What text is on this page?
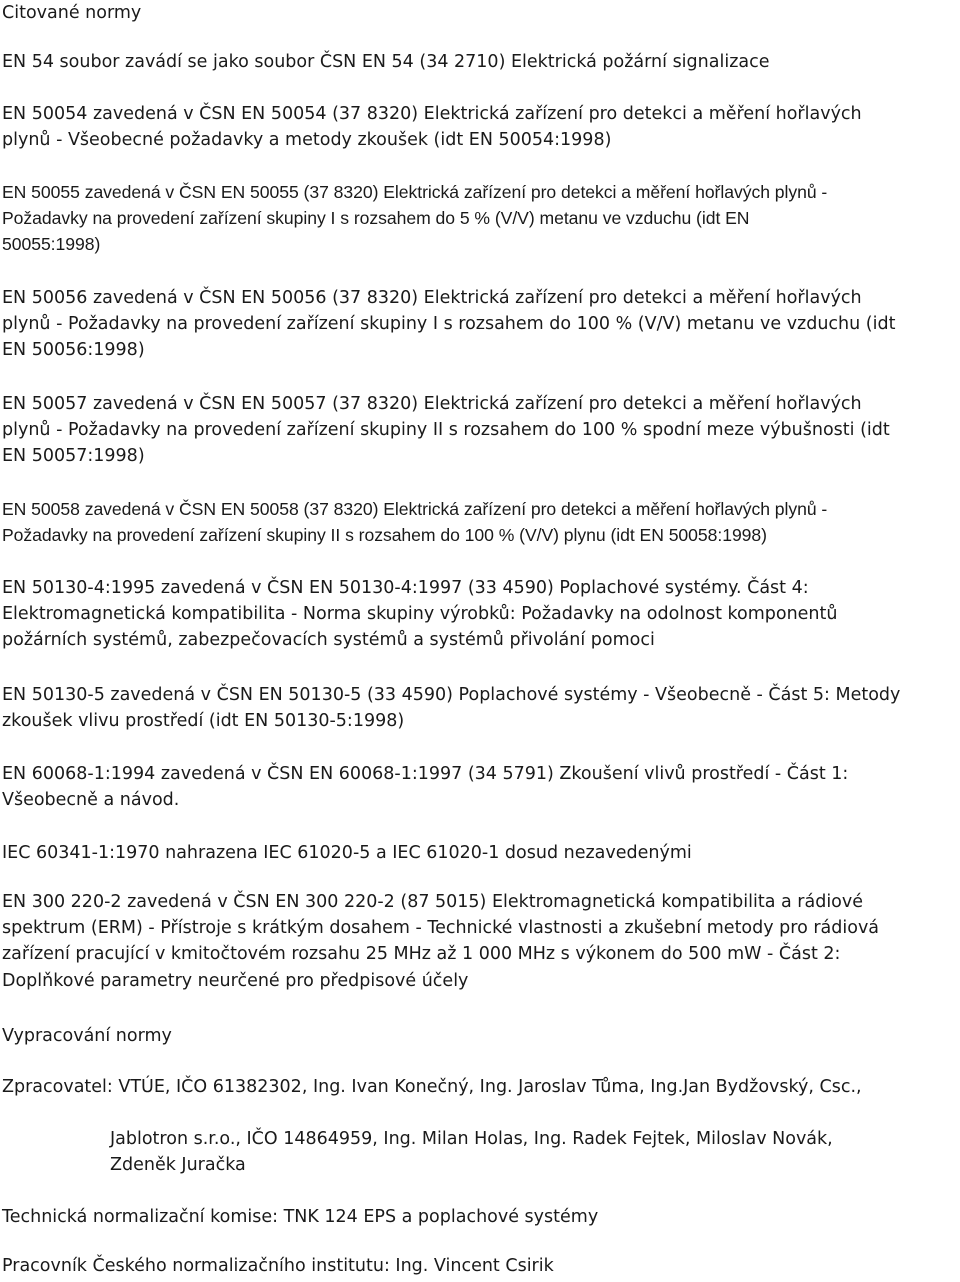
Citované normy

EN 54 soubor zavádí se jako soubor ČSN EN 54 (34 2710) Elektrická požární signalizace

EN 50054 zavedená v ČSN EN 50054 (37 8320) Elektrická zařízení pro detekci a měření hořlavých
plynů - Všeobecné požadavky a metody zkoušek (idt EN 50054:1998)

EN 50055 zavedená v ČSN EN 50055 (37 8320) Elektrická zařízení pro detekci a měření hořlavých plynů -
Požadavky na provedení zařízení skupiny I s rozsahem do 5 % (V/V) metanu ve vzduchu (idt EN
50055:1998)

EN 50056 zavedená v ČSN EN 50056 (37 8320) Elektrická zařízení pro detekci a měření hořlavých
plynů - Požadavky na provedení zařízení skupiny I s rozsahem do 100 % (V/V) metanu ve vzduchu (idt
EN 50056:1998)

EN 50057 zavedená v ČSN EN 50057 (37 8320) Elektrická zařízení pro detekci a měření hořlavých
plynů - Požadavky na provedení zařízení skupiny II s rozsahem do 100 % spodní meze výbušnosti (idt
EN 50057:1998)

EN 50058 zavedená v ČSN EN 50058 (37 8320) Elektrická zařízení pro detekci a měření hořlavých plynů -
Požadavky na provedení zařízení skupiny II s rozsahem do 100 % (V/V) plynu (idt EN 50058:1998)

EN 50130-4:1995 zavedená v ČSN EN 50130-4:1997 (33 4590) Poplachové systémy. Část 4:
Elektromagnetická kompatibilita - Norma skupiny výrobků: Požadavky na odolnost komponentů
požárních systémů, zabezpečovacích systémů a systémů přivolání pomoci

EN 50130-5 zavedená v ČSN EN 50130-5 (33 4590) Poplachové systémy - Všeobecně - Část 5: Metody
zkoušek vlivu prostředí (idt EN 50130-5:1998)

EN 60068-1:1994 zavedená v ČSN EN 60068-1:1997 (34 5791) Zkoušení vlivů prostředí - Část 1:
Všeobecně a návod.

IEC 60341-1:1970 nahrazena IEC 61020-5 a IEC 61020-1 dosud nezavedenými

EN 300 220-2 zavedená v ČSN EN 300 220-2 (87 5015) Elektromagnetická kompatibilita a rádiové
spektrum (ERM) - Přístroje s krátkým dosahem - Technické vlastnosti a zkušební metody pro rádiová
zařízení pracující v kmitočtovém rozsahu 25 MHz až 1 000 MHz s výkonem do 500 mW - Část 2:
Doplňkové parametry neurčené pro předpisové účely

Vypracování normy

Zpracovatel: VTÚE, IČO 61382302, Ing. Ivan Konečný, Ing. Jaroslav Tůma, Ing.Jan Bydžovský, Csc.,

Jablotron s.r.o., IČO 14864959, Ing. Milan Holas, Ing. Radek Fejtek, Miloslav Novák,
Zdeněk Juračka

Technická normalizační komise: TNK 124 EPS a poplachové systémy

Pracovník Českého normalizačního institutu: Ing. Vincent Csirik
